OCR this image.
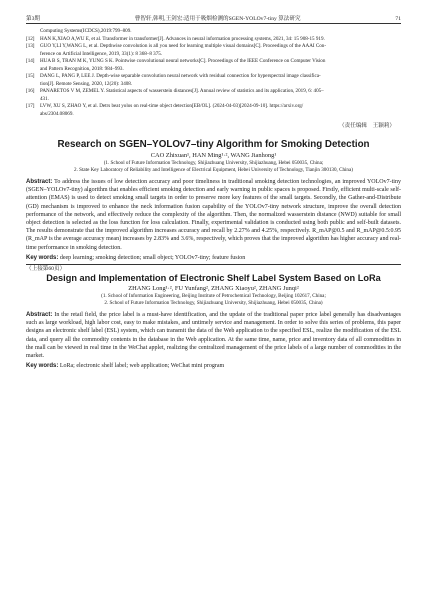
第3期	曹智轩,韩明,王剑宏:适用于吸烟检测的SGEN-YOLOv7-tiny 算法研究	71
Computing Systems(ICDCS),2019:799–809.
[12]	HAN K,XIAO A,WU E, et al. Transformer in transformer[J]. Advances in neural information processing systems, 2021, 34: 15 908-15 919.
[13]	GUO Y,LI Y,WANG L, et al. Depthwise convolution is all you need for learning multiple visual domains[C]. Proceedings of the AAAI Con-
ference on Artificial Intelligence, 2019, 33(1): 8 368–8 375.
[14]	HUA B S, TRAN M K, YUNG S K. Pointwise convolutional neural networks[C]. Proceedings of the IEEE Conference on Computer Vision
and Pattern Recognition, 2018: 984–993.
[15]	DANG L, PANG P, LEE J. Depth-wise separable convolution neural network with residual connection for hyperspectral image classifica-
tion[J]. Remote Sensing, 2020, 12(20): 3408.
[16]	PANARETOS V M, ZEMEL Y. Statistical aspects of wasserstein distances[J]. Annual review of statistics and its application, 2019, 6: 405–
431.
[17]	LVW, XU S, ZHAO Y, et al. Detrs beat yolos on real-time object detection[EB/OL]. (2024-04-03)[2024-09-10]. https://arxiv.org/
abs/2304.08069.
（责任编辑　王颖莉）
Research on SGEN–YOLOv7–tiny Algorithm for Smoking Detection
CAO Zhixuan¹, HAN Ming¹·², WANG Jianhong¹
(1. School of Future Information Technology, Shijiazhuang University, Shijiazhuang, Hebei 050035, China;
2. State Key Laboratory of Reliability and Intelligence of Electrical Equipment, Hebei University of Technology, Tianjin 300130, China)
Abstract: To address the issues of low detection accuracy and poor timeliness in traditional smoking detection technologies, an improved YOLOv7-tiny (SGEN–YOLOv7-tiny) algorithm that enables efficient smoking detection and early warning in public spaces is proposed. Firstly, efficient multi-scale self-attention (EMAS) is used to detect smoking small targets in order to preserve more key features of the small targets. Secondly, the Gather-and-Distribute (GD) mechanism is improved to enhance the neck information fusion capability of the YOLOv7-tiny network structure, improve the overall detection performance of the network, and effectively reduce the complexity of the algorithm. Then, the normalized wasserstein distance (NWD) suitable for small object detection is selected as the loss function for loss calculation. Finally, experimental validation is conducted using both public and self-built datasets. The results demonstrate that the improved algorithm increases accuracy and recall by 2.27% and 4.25%, respectively. R_mAP@0.5 and R_mAP@0.5:0.95 (R_mAP is the average accuracy mean) increases by 2.83% and 3.6%, respectively, which proves that the improved algorithm has higher accuracy and real-time performance in smoking detection.
Key words: deep learning; smoking detection; small object; YOLOv7-tiny; feature fusion
（上接第60页）
Design and Implementation of Electronic Shelf Label System Based on LoRa
ZHANG Long¹·², FU Yunfang², ZHANG Xiaoyu², ZHANG Junqi²
(1. School of Information Engineering, Beijing Institute of Petrochemical Technology, Beijing 102617, China;
2. School of Future Information Technology, Shijiazhuang University, Shijiazhuang, Hebei 050035, China)
Abstract: In the retail field, the price label is a must-have identification, and the update of the traditional paper price label generally has disadvantages such as large workload, high labor cost, easy to make mistakes, and untimely service and management. In order to solve this series of problems, this paper designs an electronic shelf label (ESL) system, which can transmit the data of the Web application to the specified ESL, realize the modification of the ESL data, and query all the commodity contents in the database in the Web application. At the same time, name, price and inventory data of all commodities in the mall can be viewed in real time in the WeChat applet, realizing the centralized management of the price labels of a large number of commodities in the market.
Key words: LoRa; electronic shelf label; web application; WeChat mini program
